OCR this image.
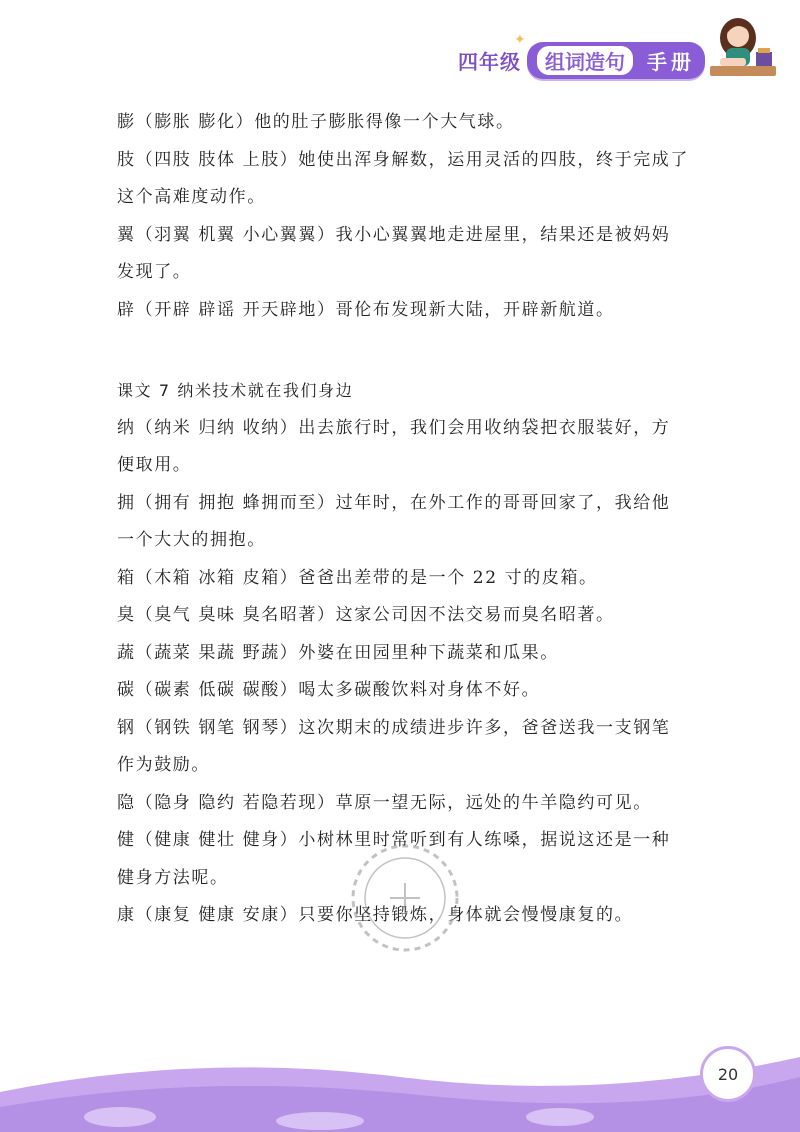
四年级
✦
组词造句	手册
膨（膨胀 膨化）他的肚子膨胀得像一个大气球。
肢（四肢 肢体 上肢）她使出浑身解数，运用灵活的四肢，终于完成了
这个高难度动作。
翼（羽翼 机翼 小心翼翼）我小心翼翼地走进屋里，结果还是被妈妈
发现了。
辟（开辟 辟谣 开天辟地）哥伦布发现新大陆，开辟新航道。
课文 7 纳米技术就在我们身边
纳（纳米 归纳 收纳）出去旅行时，我们会用收纳袋把衣服装好，方
便取用。
拥（拥有 拥抱 蜂拥而至）过年时，在外工作的哥哥回家了，我给他
一个大大的拥抱。
箱（木箱 冰箱 皮箱）爸爸出差带的是一个 22 寸的皮箱。
臭（臭气 臭味 臭名昭著）这家公司因不法交易而臭名昭著。
蔬（蔬菜 果蔬 野蔬）外婆在田园里种下蔬菜和瓜果。
碳（碳素 低碳 碳酸）喝太多碳酸饮料对身体不好。
钢（钢铁 钢笔 钢琴）这次期末的成绩进步许多，爸爸送我一支钢笔
作为鼓励。
隐（隐身 隐约 若隐若现）草原一望无际，远处的牛羊隐约可见。
健（健康 健壮 健身）小树林里时常听到有人练嗓，据说这还是一种
健身方法呢。
康（康复 健康 安康）只要你坚持锻炼，身体就会慢慢康复的。
20
